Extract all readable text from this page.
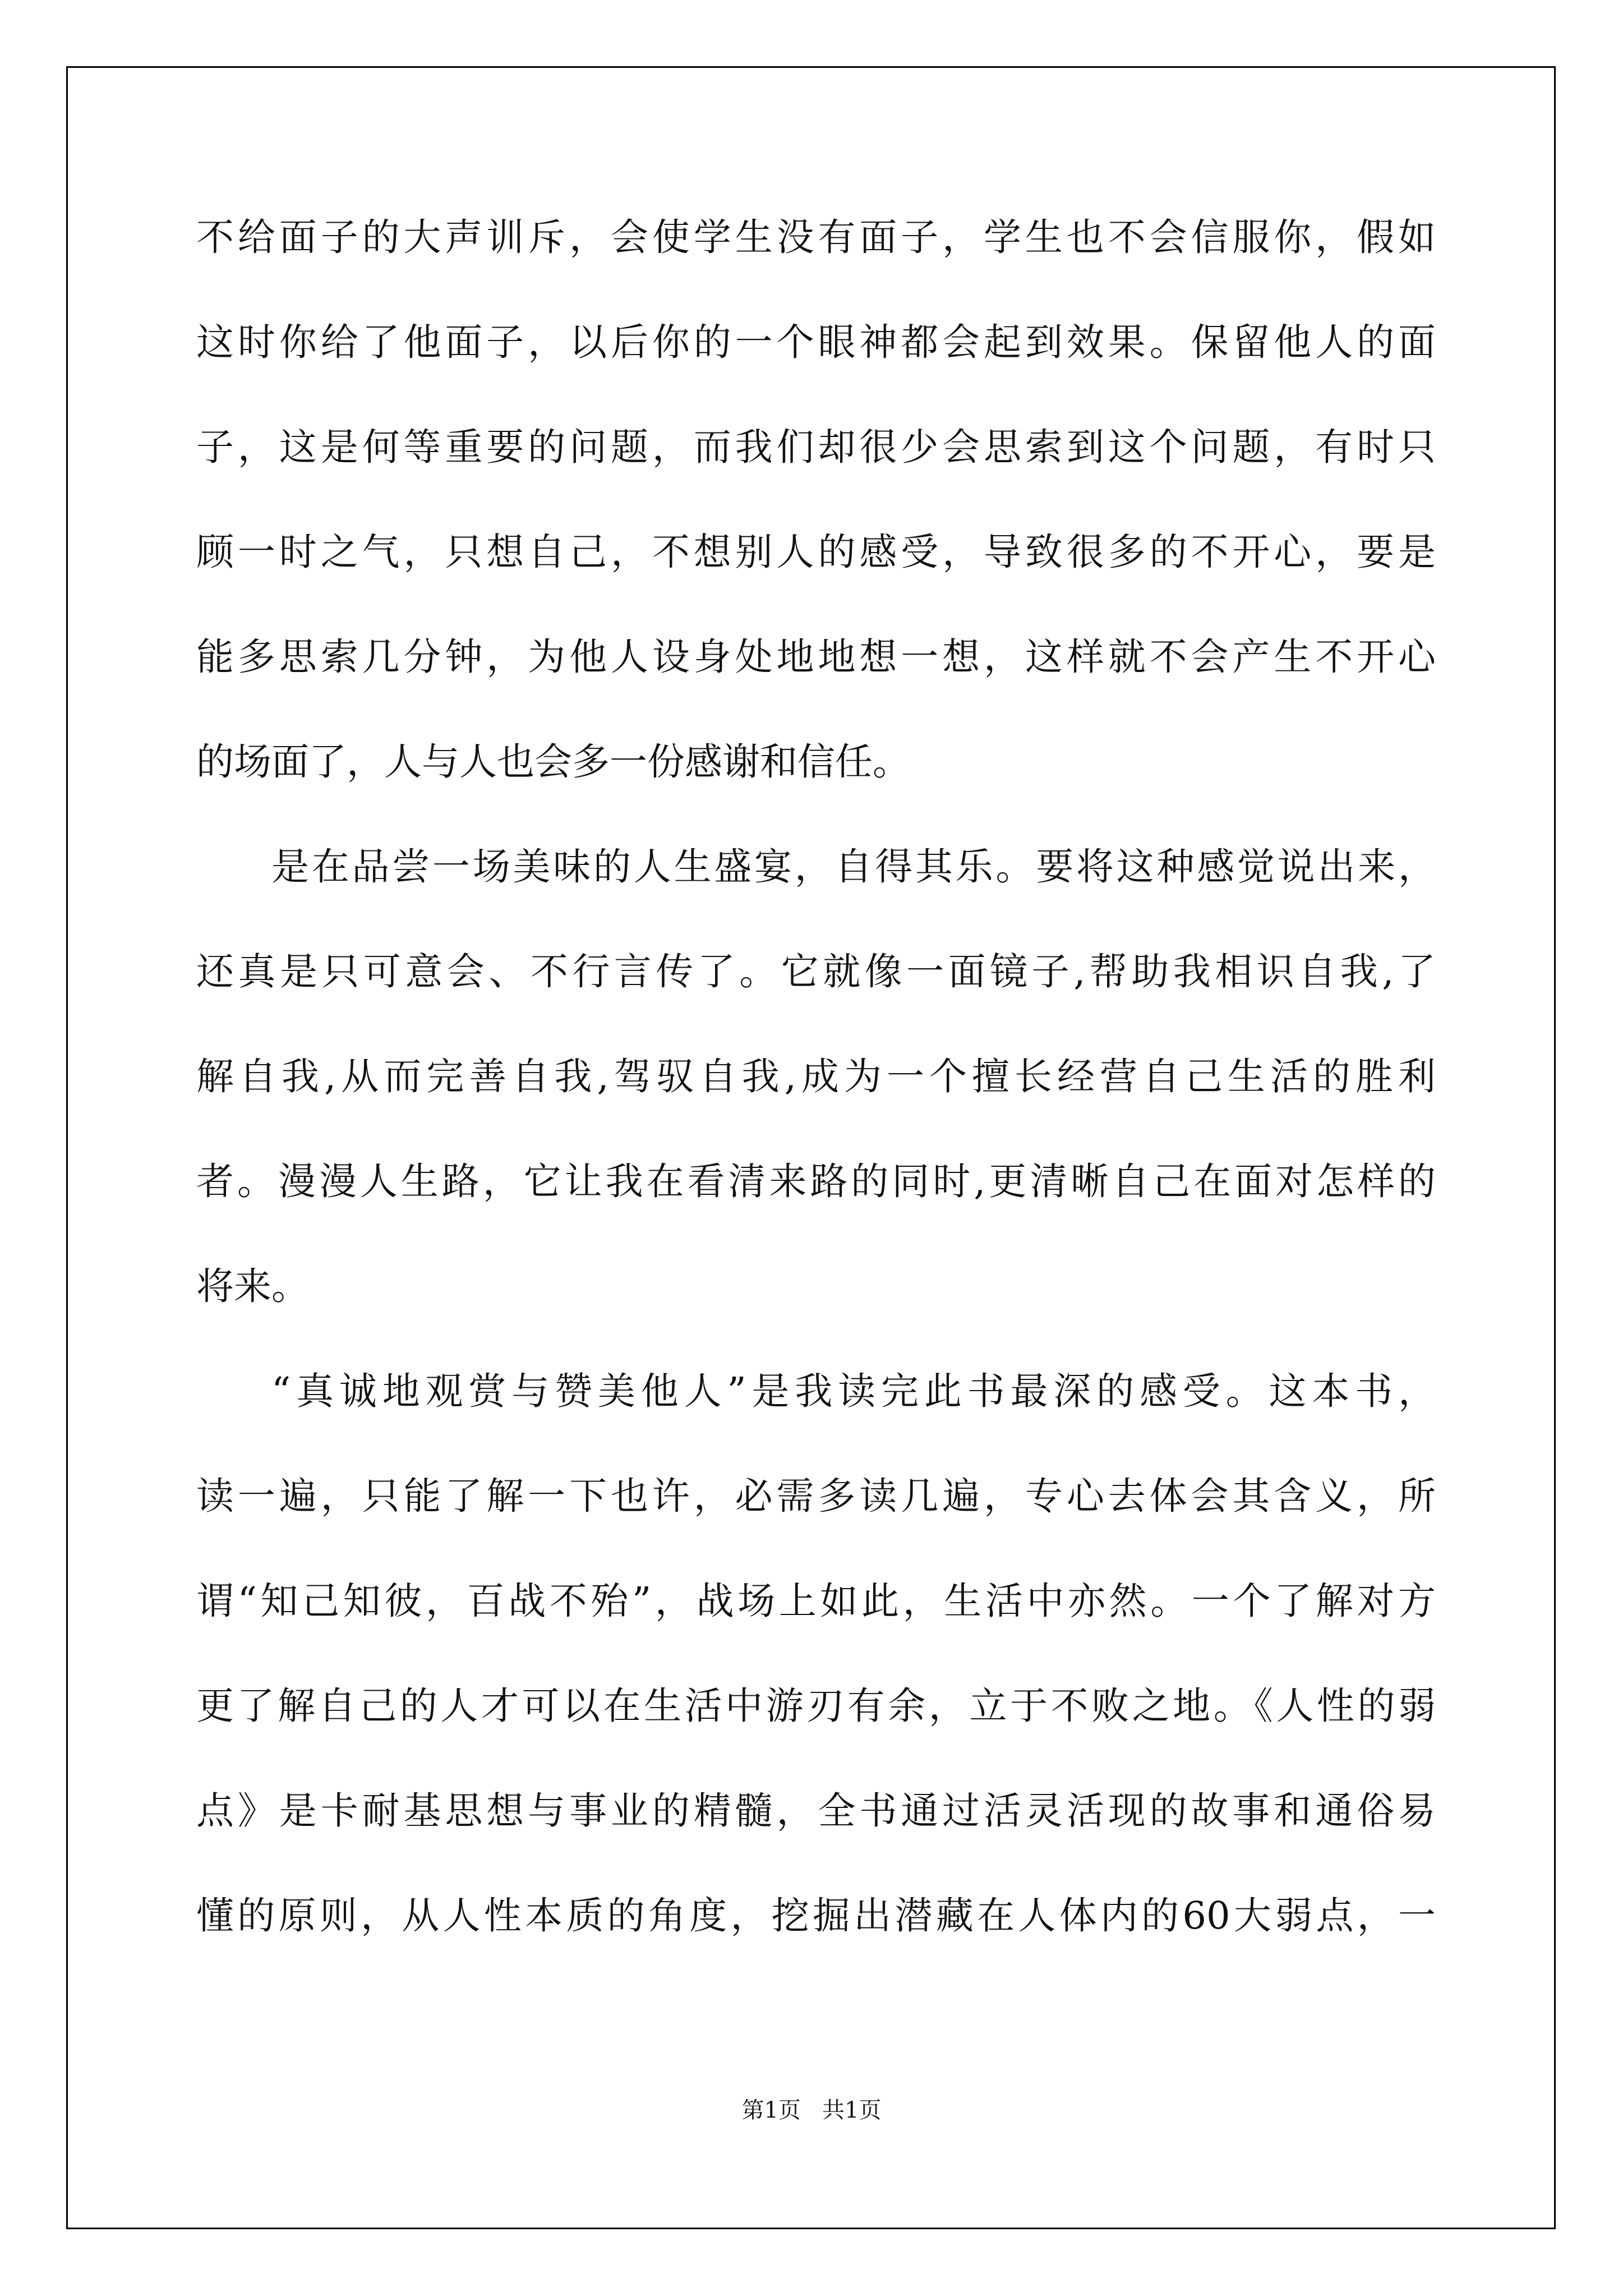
不给面子的大声训斥，会使学生没有面子，学生也不会信服你，假如
这时你给了他面子，以后你的一个眼神都会起到效果。保留他人的面
子，这是何等重要的问题，而我们却很少会思索到这个问题，有时只
顾一时之气，只想自己，不想别人的感受，导致很多的不开心，要是
能多思索几分钟，为他人设身处地地想一想，这样就不会产生不开心
的场面了，人与人也会多一份感谢和信任。
是在品尝一场美味的人生盛宴，自得其乐。要将这种感觉说出来，
还真是只可意会、不行言传了。它就像一面镜子,帮助我相识自我,了
解自我,从而完善自我,驾驭自我,成为一个擅长经营自己生活的胜利
者。漫漫人生路，它让我在看清来路的同时,更清晰自己在面对怎样的
将来。
“真诚地观赏与赞美他人”是我读完此书最深的感受。这本书，
读一遍，只能了解一下也许，必需多读几遍，专心去体会其含义，所
谓“知己知彼，百战不殆”，战场上如此，生活中亦然。一个了解对方
更了解自己的人才可以在生活中游刃有余，立于不败之地。《人性的弱
点》是卡耐基思想与事业的精髓，全书通过活灵活现的故事和通俗易
懂的原则，从人性本质的角度，挖掘出潜藏在人体内的60大弱点，一
第1页   共1页
